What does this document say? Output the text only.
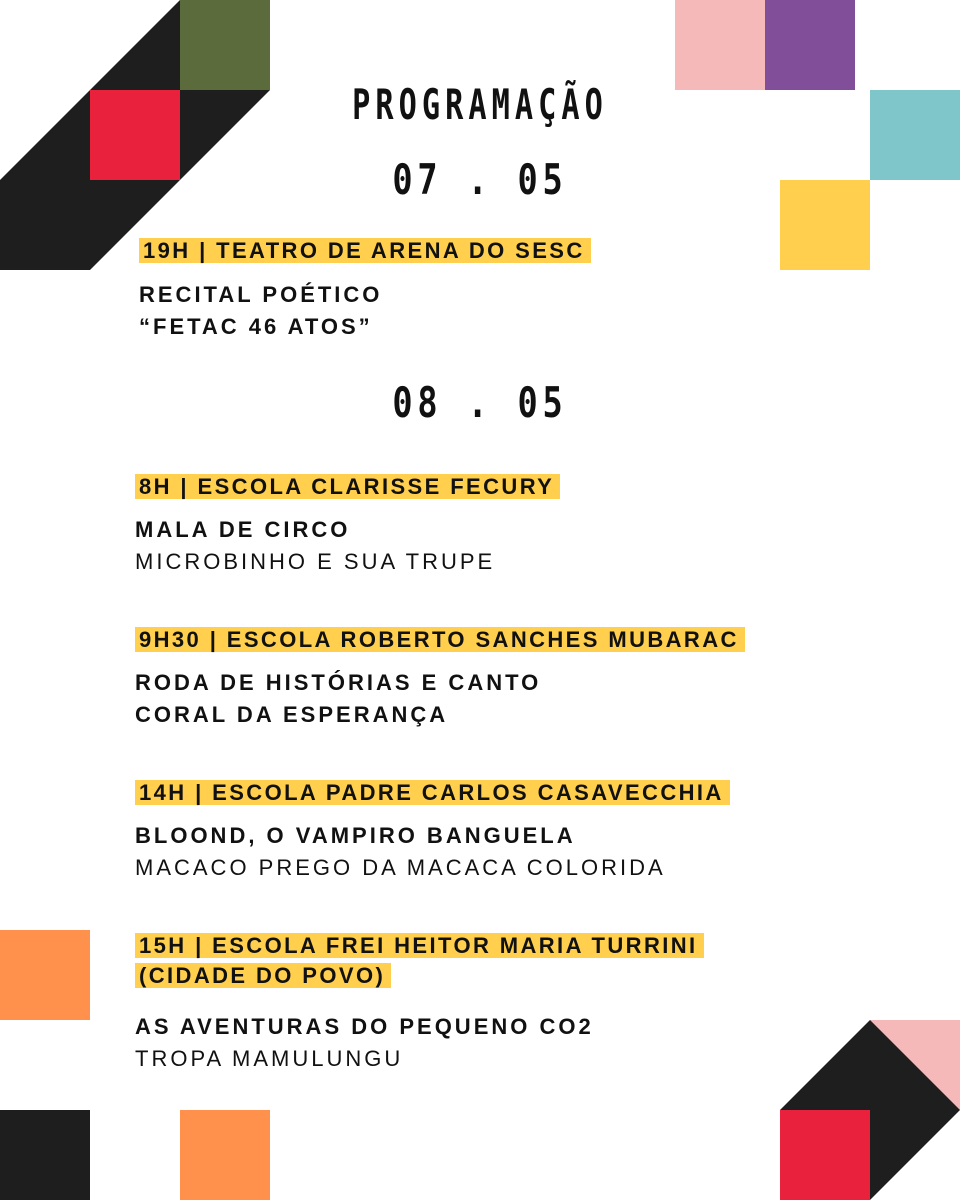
PROGRAMAÇÃO
07 . 05
19H | TEATRO DE ARENA DO SESC

RECITAL POÉTICO

“FETAC 46 ATOS”

08 . 05
8H | ESCOLA CLARISSE FECURY

MALA DE CIRCO

MICROBINHO E SUA TRUPE

9H30 | ESCOLA ROBERTO SANCHES MUBARAC

RODA DE HISTÓRIAS E CANTO

CORAL DA ESPERANÇA

14H | ESCOLA PADRE CARLOS CASAVECCHIA

BLOOND, O VAMPIRO BANGUELA

MACACO PREGO DA MACACA COLORIDA

15H | ESCOLA FREI HEITOR MARIA TURRINI (CIDADE DO POVO)

AS AVENTURAS DO PEQUENO CO2

TROPA MAMULUNGU
